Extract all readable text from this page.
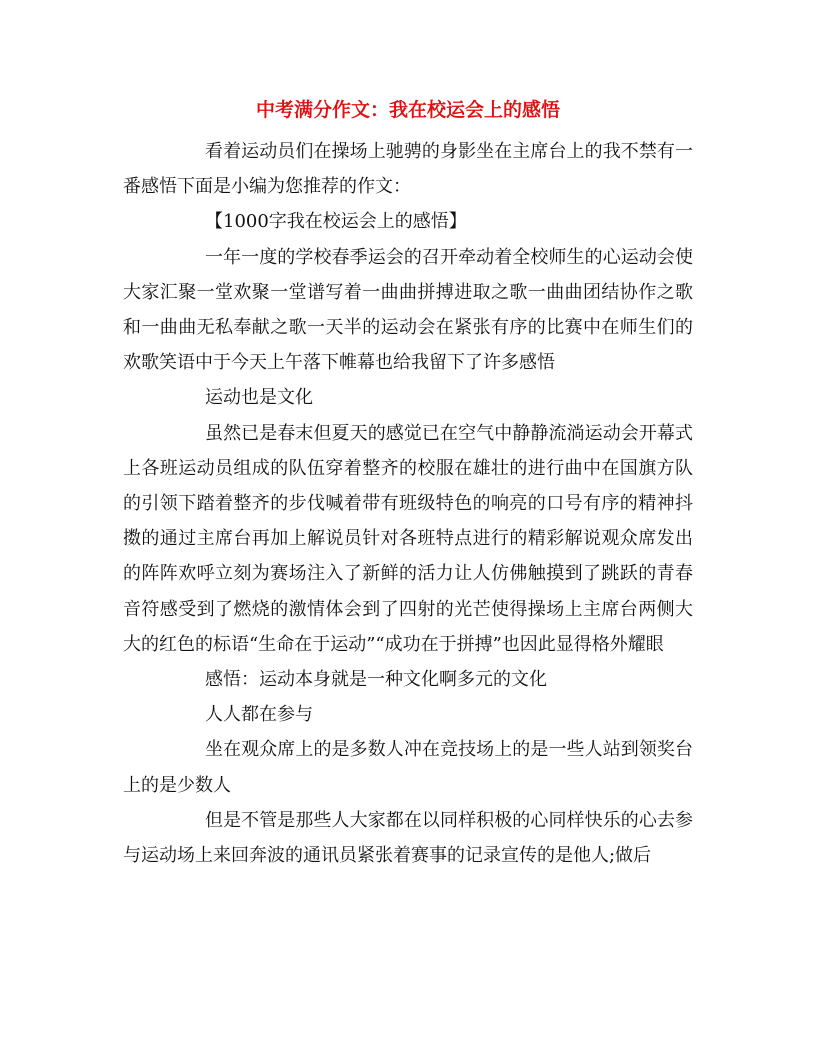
中考满分作文：我在校运会上的感悟

看着运动员们在操场上驰骋的身影坐在主席台上的我不禁有一番感悟下面是小编为您推荐的作文：

【1000字我在校运会上的感悟】

一年一度的学校春季运会的召开牵动着全校师生的心运动会使大家汇聚一堂欢聚一堂谱写着一曲曲拼搏进取之歌一曲曲团结协作之歌和一曲曲无私奉献之歌一天半的运动会在紧张有序的比赛中在师生们的欢歌笑语中于今天上午落下帷幕也给我留下了许多感悟

运动也是文化

虽然已是春末但夏天的感觉已在空气中静静流淌运动会开幕式上各班运动员组成的队伍穿着整齐的校服在雄壮的进行曲中在国旗方队的引领下踏着整齐的步伐喊着带有班级特色的响亮的口号有序的精神抖擞的通过主席台再加上解说员针对各班特点进行的精彩解说观众席发出的阵阵欢呼立刻为赛场注入了新鲜的活力让人仿佛触摸到了跳跃的青春音符感受到了燃烧的激情体会到了四射的光芒使得操场上主席台两侧大大的红色的标语“生命在于运动”“成功在于拼搏”也因此显得格外耀眼

感悟：运动本身就是一种文化啊多元的文化

人人都在参与

坐在观众席上的是多数人冲在竞技场上的是一些人站到领奖台上的是少数人

但是不管是那些人大家都在以同样积极的心同样快乐的心去参与运动场上来回奔波的通讯员紧张着赛事的记录宣传的是他人;做后
